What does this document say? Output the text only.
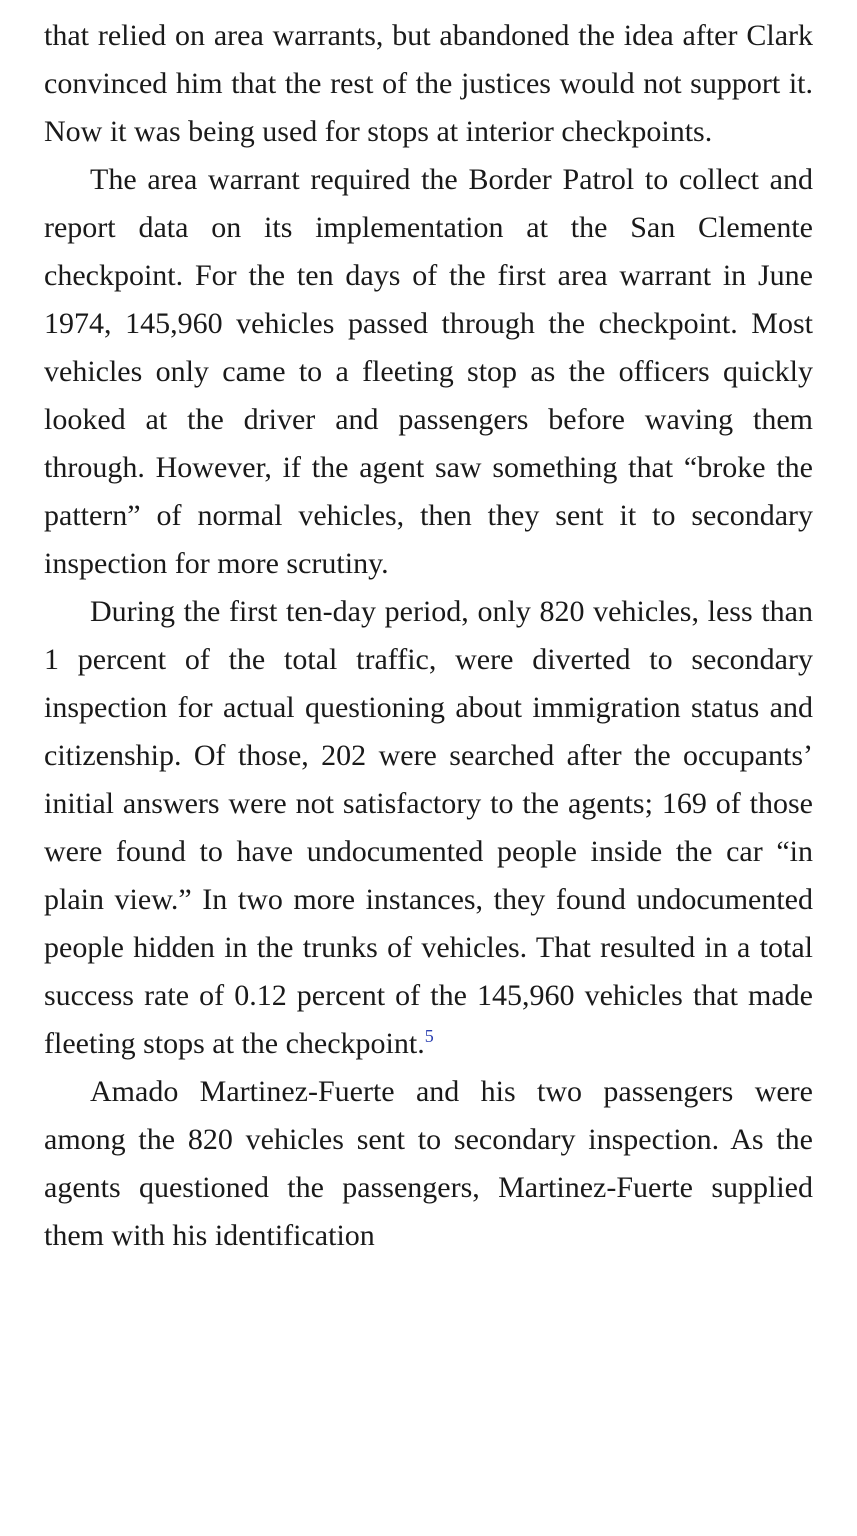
that relied on area warrants, but abandoned the idea after Clark convinced him that the rest of the justices would not support it. Now it was being used for stops at interior checkpoints.

The area warrant required the Border Patrol to collect and report data on its implementation at the San Clemente checkpoint. For the ten days of the first area warrant in June 1974, 145,960 vehicles passed through the checkpoint. Most vehicles only came to a fleeting stop as the officers quickly looked at the driver and passengers before waving them through. However, if the agent saw something that “broke the pattern” of normal vehicles, then they sent it to secondary inspection for more scrutiny.

During the first ten-day period, only 820 vehicles, less than 1 percent of the total traffic, were diverted to secondary inspection for actual questioning about immigration status and citizenship. Of those, 202 were searched after the occupants’ initial answers were not satisfactory to the agents; 169 of those were found to have undocumented people inside the car “in plain view.” In two more instances, they found undocumented people hidden in the trunks of vehicles. That resulted in a total success rate of 0.12 percent of the 145,960 vehicles that made fleeting stops at the checkpoint.$^5$

Amado Martinez-Fuerte and his two passengers were among the 820 vehicles sent to secondary inspection. As the agents questioned the passengers, Martinez-Fuerte supplied them with his identification
